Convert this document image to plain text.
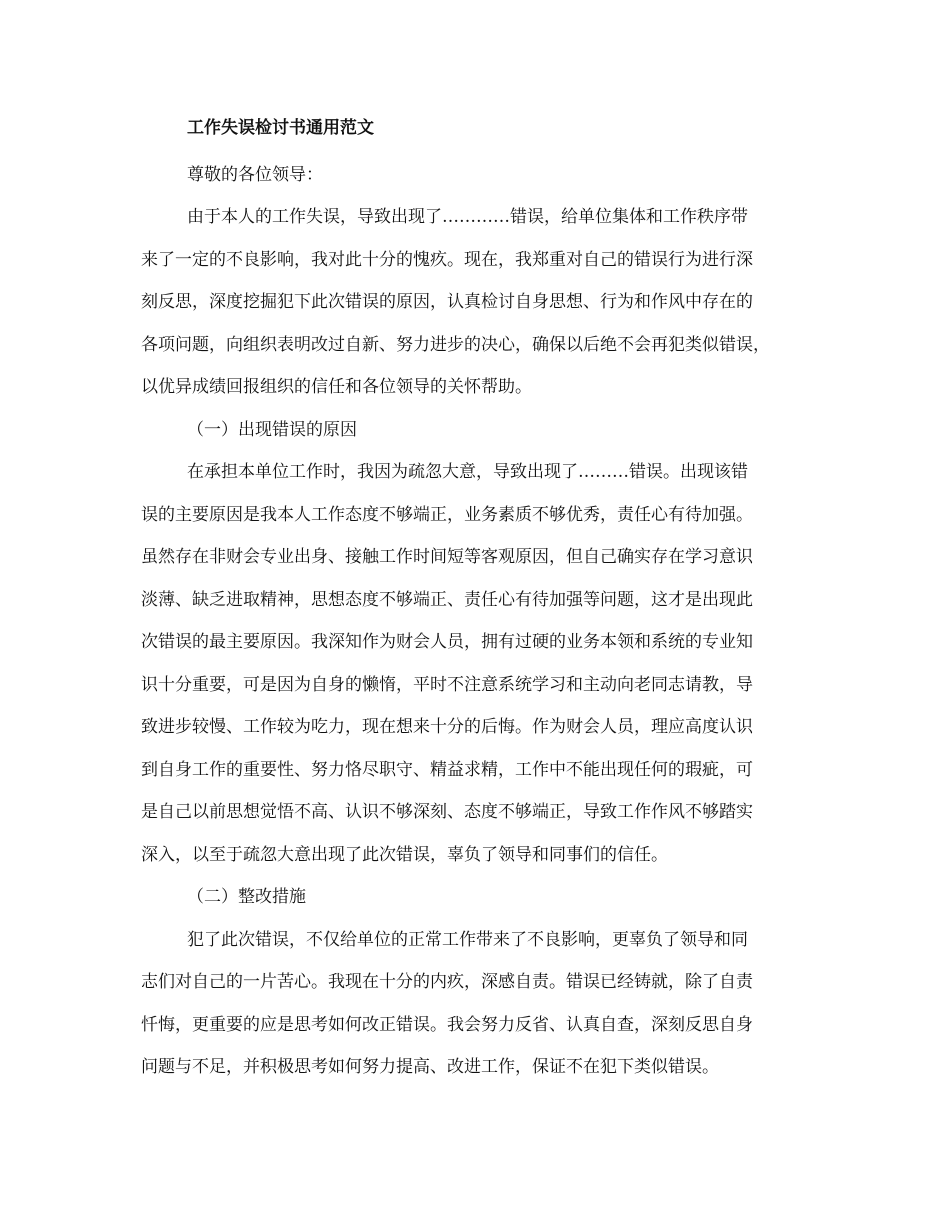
工作失误检讨书通用范文

尊敬的各位领导：

由于本人的工作失误，导致出现了…………错误，给单位集体和工作秩序带
来了一定的不良影响，我对此十分的愧疚。现在，我郑重对自己的错误行为进行深
刻反思，深度挖掘犯下此次错误的原因，认真检讨自身思想、行为和作风中存在的
各项问题，向组织表明改过自新、努力进步的决心，确保以后绝不会再犯类似错误，
以优异成绩回报组织的信任和各位领导的关怀帮助。

（一）出现错误的原因

在承担本单位工作时，我因为疏忽大意，导致出现了………错误。出现该错
误的主要原因是我本人工作态度不够端正，业务素质不够优秀，责任心有待加强。
虽然存在非财会专业出身、接触工作时间短等客观原因，但自己确实存在学习意识
淡薄、缺乏进取精神，思想态度不够端正、责任心有待加强等问题，这才是出现此
次错误的最主要原因。我深知作为财会人员，拥有过硬的业务本领和系统的专业知
识十分重要，可是因为自身的懒惰，平时不注意系统学习和主动向老同志请教，导
致进步较慢、工作较为吃力，现在想来十分的后悔。作为财会人员，理应高度认识
到自身工作的重要性、努力恪尽职守、精益求精，工作中不能出现任何的瑕疵，可
是自己以前思想觉悟不高、认识不够深刻、态度不够端正，导致工作作风不够踏实
深入，以至于疏忽大意出现了此次错误，辜负了领导和同事们的信任。

（二）整改措施

犯了此次错误，不仅给单位的正常工作带来了不良影响，更辜负了领导和同
志们对自己的一片苦心。我现在十分的内疚，深感自责。错误已经铸就，除了自责
忏悔，更重要的应是思考如何改正错误。我会努力反省、认真自查，深刻反思自身
问题与不足，并积极思考如何努力提高、改进工作，保证不在犯下类似错误。
